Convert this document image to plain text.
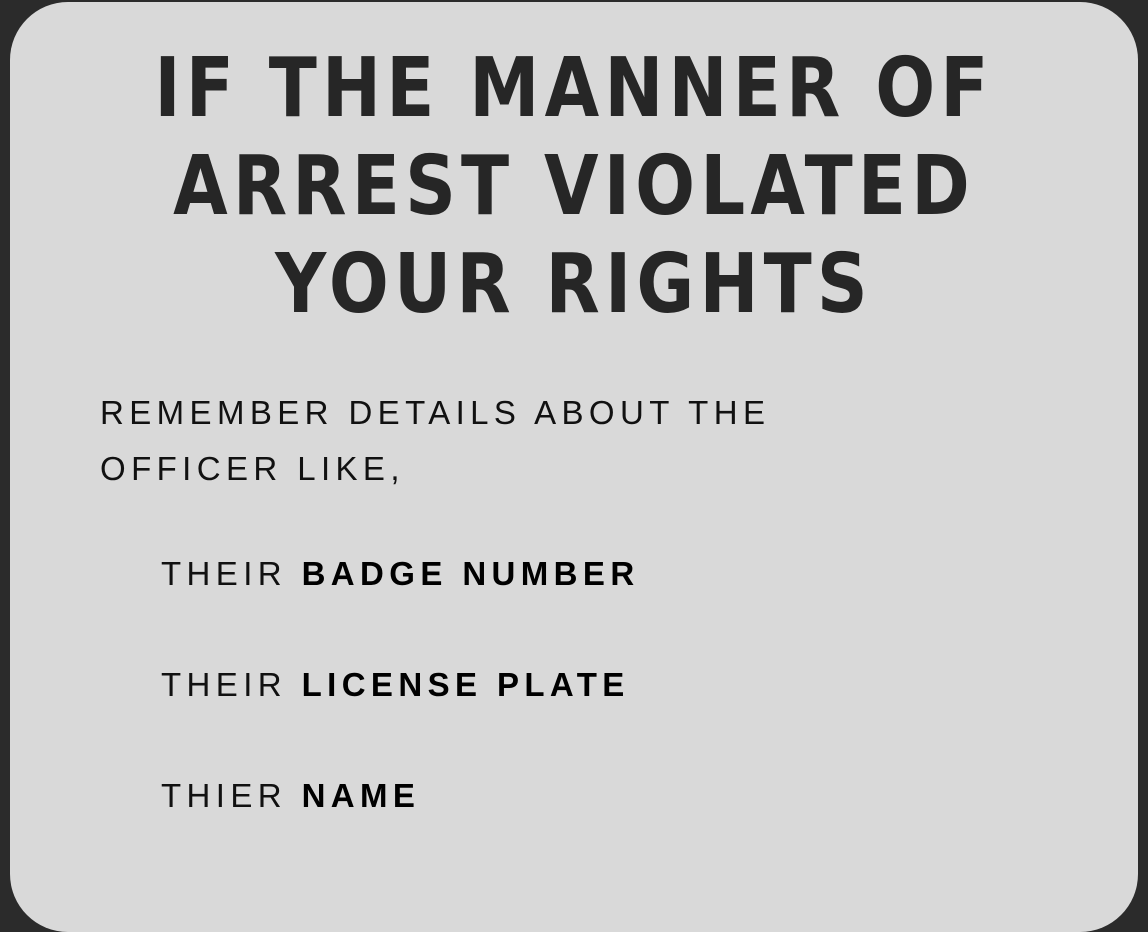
IF THE MANNER OF
ARREST VIOLATED
YOUR RIGHTS

REMEMBER DETAILS ABOUT THE
OFFICER LIKE,

THEIR BADGE NUMBER
THEIR LICENSE PLATE
THIER NAME
